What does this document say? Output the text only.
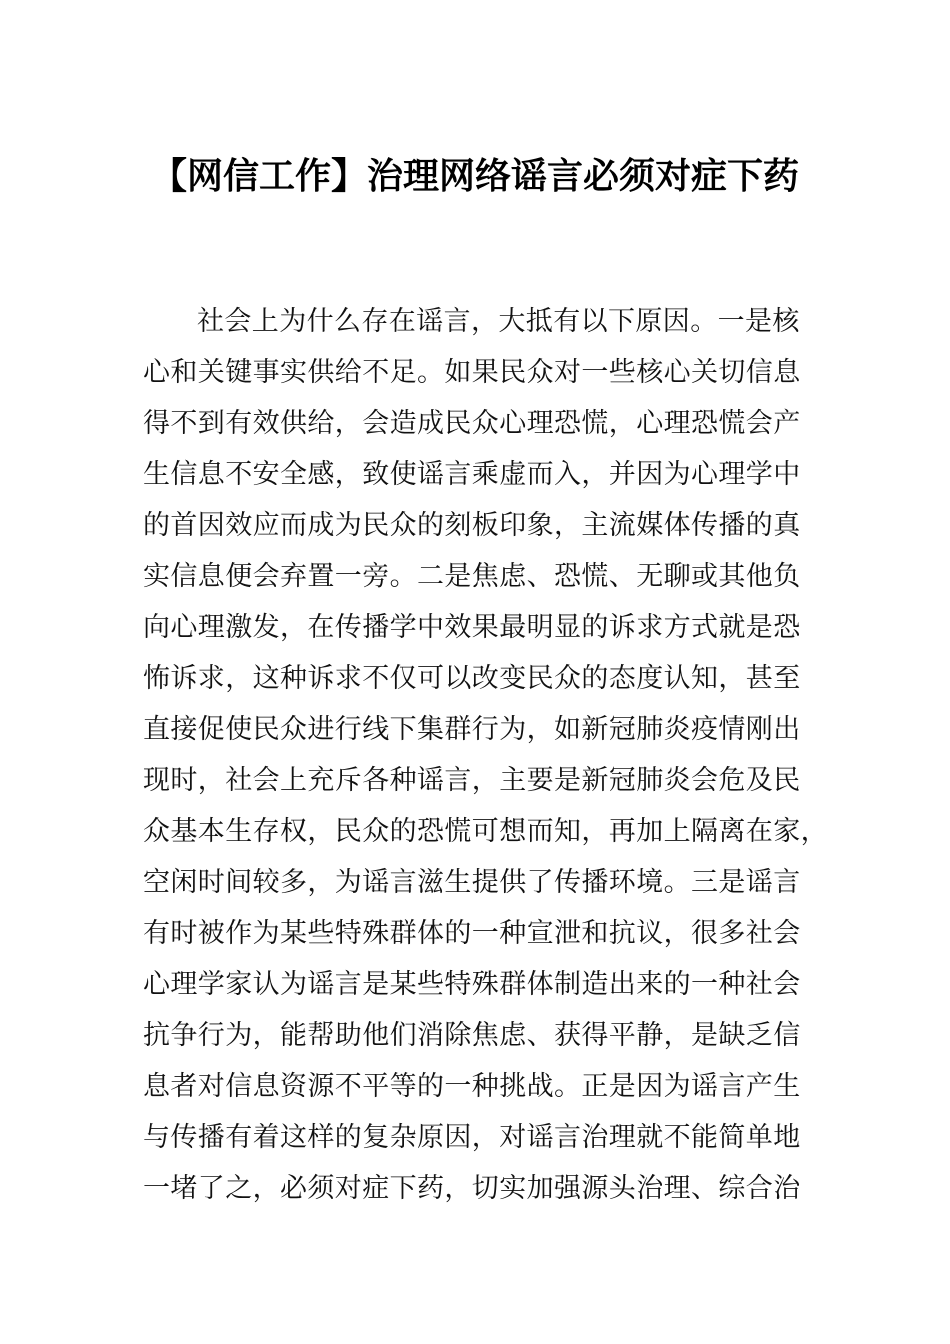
【网信工作】治理网络谣言必须对症下药
社会上为什么存在谣言，大抵有以下原因。一是核
心和关键事实供给不足。如果民众对一些核心关切信息
得不到有效供给，会造成民众心理恐慌，心理恐慌会产
生信息不安全感，致使谣言乘虚而入，并因为心理学中
的首因效应而成为民众的刻板印象，主流媒体传播的真
实信息便会弃置一旁。二是焦虑、恐慌、无聊或其他负
向心理激发，在传播学中效果最明显的诉求方式就是恐
怖诉求，这种诉求不仅可以改变民众的态度认知，甚至
直接促使民众进行线下集群行为，如新冠肺炎疫情刚出
现时，社会上充斥各种谣言，主要是新冠肺炎会危及民
众基本生存权，民众的恐慌可想而知，再加上隔离在家，
空闲时间较多，为谣言滋生提供了传播环境。三是谣言
有时被作为某些特殊群体的一种宣泄和抗议，很多社会
心理学家认为谣言是某些特殊群体制造出来的一种社会
抗争行为，能帮助他们消除焦虑、获得平静，是缺乏信
息者对信息资源不平等的一种挑战。正是因为谣言产生
与传播有着这样的复杂原因，对谣言治理就不能简单地
一堵了之，必须对症下药，切实加强源头治理、综合治
